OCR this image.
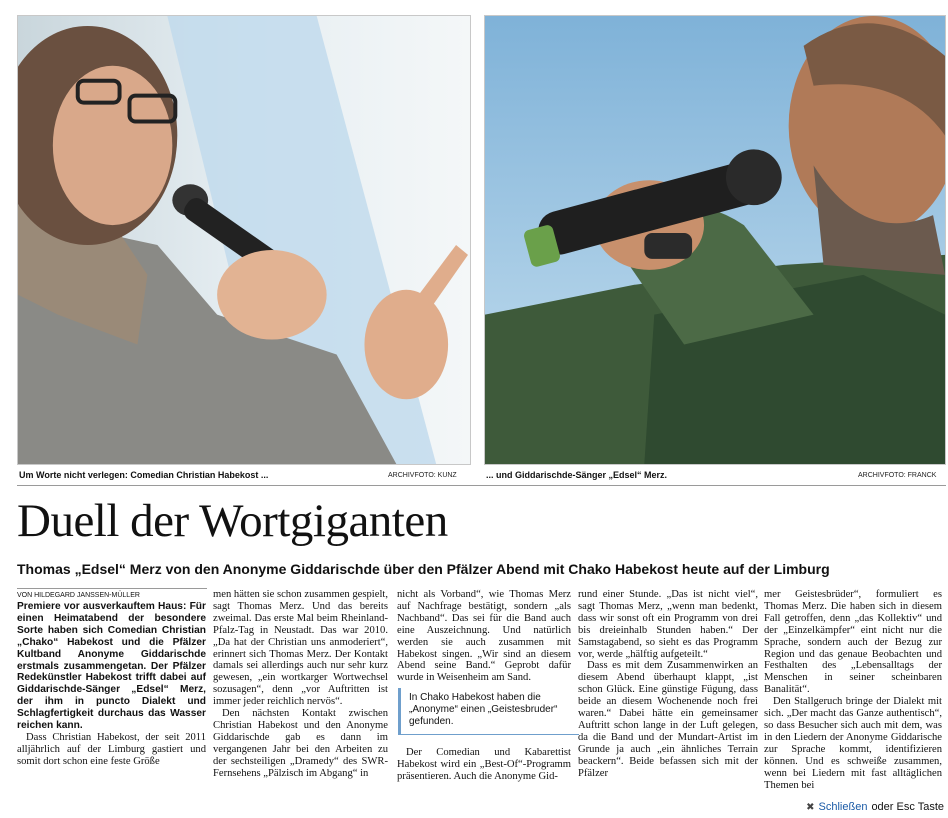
Um Worte nicht verlegen: Comedian Christian Habekost ...	ARCHIVFOTO: KUNZ	... und Giddarischde-Sänger „Edsel“ Merz.	ARCHIVFOTO: FRANCK
Duell der Wortgiganten
Thomas „Edsel“ Merz von den Anonyme Giddarischde über den Pfälzer Abend mit Chako Habekost heute auf der Limburg
VON HILDEGARD JANSSEN-MÜLLER

Premiere vor ausverkauftem Haus: Für einen Heimatabend der besondere Sorte haben sich Comedian Christian „Chako“ Habekost und die Pfälzer Kultband Anonyme Giddarischde erstmals zusammengetan. Der Pfälzer Redekünstler Habekost trifft dabei auf Giddarischde-Sänger „Edsel“ Merz, der ihm in puncto Dialekt und Schlagfertigkeit durchaus das Wasser reichen kann.

Dass Christian Habekost, der seit 2011 alljährlich auf der Limburg gastiert und somit dort schon eine feste Größe

men hätten sie schon zusammen gespielt, sagt Thomas Merz. Und das bereits zweimal. Das erste Mal beim Rheinland-Pfalz-Tag in Neustadt. Das war 2010. „Da hat der Christian uns anmoderiert“, erinnert sich Thomas Merz. Der Kontakt damals sei allerdings auch nur sehr kurz gewesen, „ein wortkarger Wortwechsel sozusagen“, denn „vor Auftritten ist immer jeder reichlich nervös“.

Den nächsten Kontakt zwischen Christian Habekost und den Anonyme Giddarischde gab es dann im vergangenen Jahr bei den Arbeiten zu der sechsteiligen „Dramedy“ des SWR-Fernsehens „Pälzisch im Abgang“ in

nicht als Vorband“, wie Thomas Merz auf Nachfrage bestätigt, sondern „als Nachband“. Das sei für die Band auch eine Auszeichnung. Und natürlich werden sie auch zusammen mit Habekost singen. „Wir sind an diesem Abend seine Band.“ Geprobt dafür wurde in Weisenheim am Sand.

In Chako Habekost haben die „Anonyme“ einen „Geistesbruder“ gefunden.

Der Comedian und Kabarettist Habekost wird ein „Best-Of“-Programm präsentieren. Auch die Anonyme Gid-

rund einer Stunde. „Das ist nicht viel“, sagt Thomas Merz, „wenn man bedenkt, dass wir sonst oft ein Programm von drei bis dreieinhalb Stunden haben.“ Der Samstagabend, so sieht es das Programm vor, werde „hälftig aufgeteilt.“

Dass es mit dem Zusammenwirken an diesem Abend überhaupt klappt, „ist schon Glück. Eine günstige Fügung, dass beide an diesem Wochenende noch frei waren.“ Dabei hätte ein gemeinsamer Auftritt schon lange in der Luft gelegen, da die Band und der Mundart-Artist im Grunde ja auch „ein ähnliches Terrain beackern“. Beide befassen sich mit der Pfälzer

mer Geistesbrüder“, formuliert es Thomas Merz. Die haben sich in diesem Fall getroffen, denn „das Kollektiv“ und der „Einzelkämpfer“ eint nicht nur die Sprache, sondern auch der Bezug zur Region und das genaue Beobachten und Festhalten des „Lebensalltags der Menschen in seiner scheinbaren Banalität“.

Den Stallgeruch bringe der Dialekt mit sich. „Der macht das Ganze authentisch“, so dass Besucher sich auch mit dem, was in den Liedern der Anonyme Giddarische zur Sprache kommt, identifizieren können. Und es schweiße zusammen, wenn bei Liedern mit fast alltäglichen Themen bei

✖ Schließen oder Esc Taste
